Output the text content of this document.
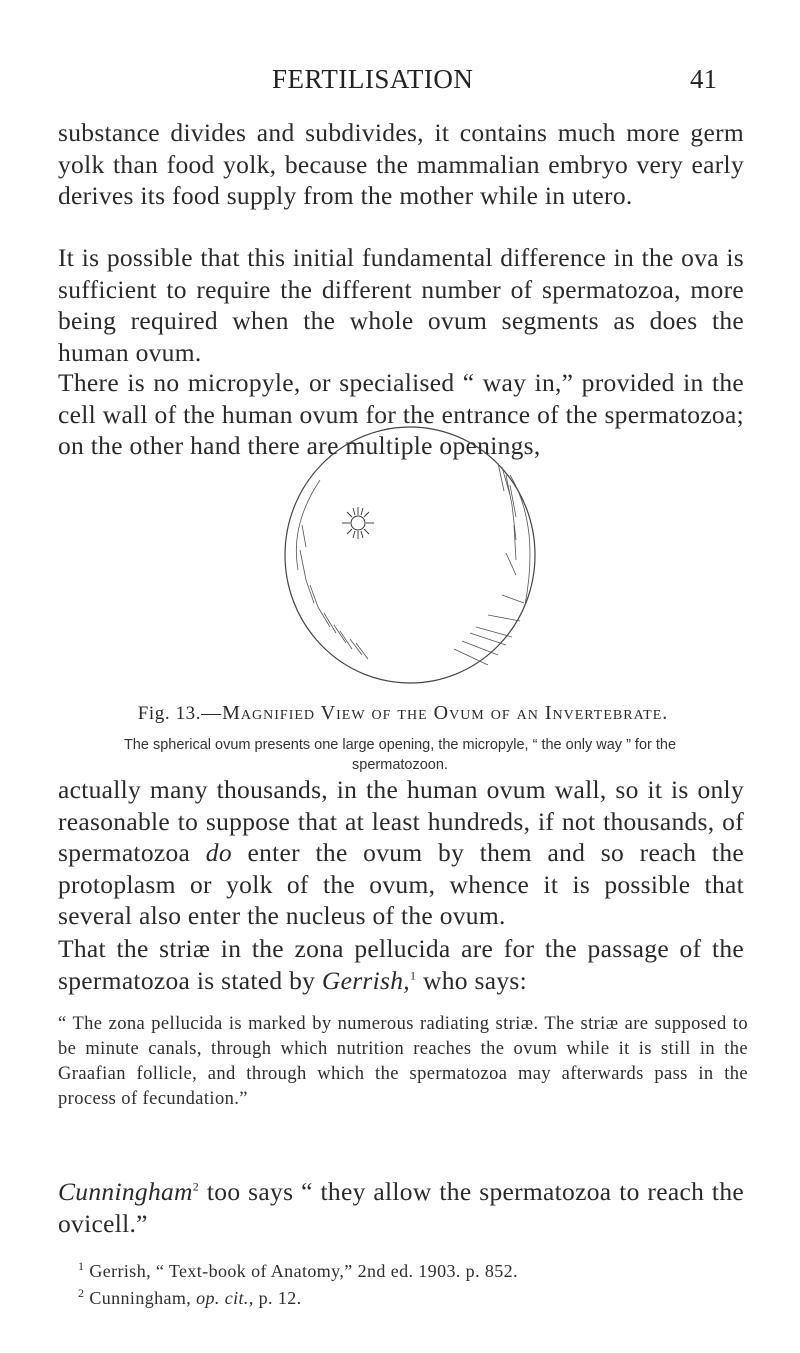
FERTILISATION	41

substance divides and subdivides, it contains much more germ yolk than food yolk, because the mammalian embryo very early derives its food supply from the mother while in utero.

It is possible that this initial fundamental difference in the ova is sufficient to require the different number of spermatozoa, more being required when the whole ovum segments as does the human ovum.

There is no micropyle, or specialised “ way in,” provided in the cell wall of the human ovum for the entrance of the spermatozoa; on the other hand there are multiple openings,

Fig. 13.—Magnified View of the Ovum of an Invertebrate.
The spherical ovum presents one large opening, the micropyle, “ the only way ” for the spermatozoon.

actually many thousands, in the human ovum wall, so it is only reasonable to suppose that at least hundreds, if not thousands, of spermatozoa do enter the ovum by them and so reach the protoplasm or yolk of the ovum, whence it is possible that several also enter the nucleus of the ovum.

That the striæ in the zona pellucida are for the passage of the spermatozoa is stated by Gerrish,$^1$ who says:

“ The zona pellucida is marked by numerous radiating striæ. The striæ are supposed to be minute canals, through which nutrition reaches the ovum while it is still in the Graafian follicle, and through which the spermatozoa may afterwards pass in the process of fecundation.”

Cunningham$^2$ too says “ they allow the spermatozoa to reach the ovicell.”

$^1$ Gerrish, “ Text-book of Anatomy,” 2nd ed. 1903. p. 852.
$^2$ Cunningham, op. cit., p. 12.
